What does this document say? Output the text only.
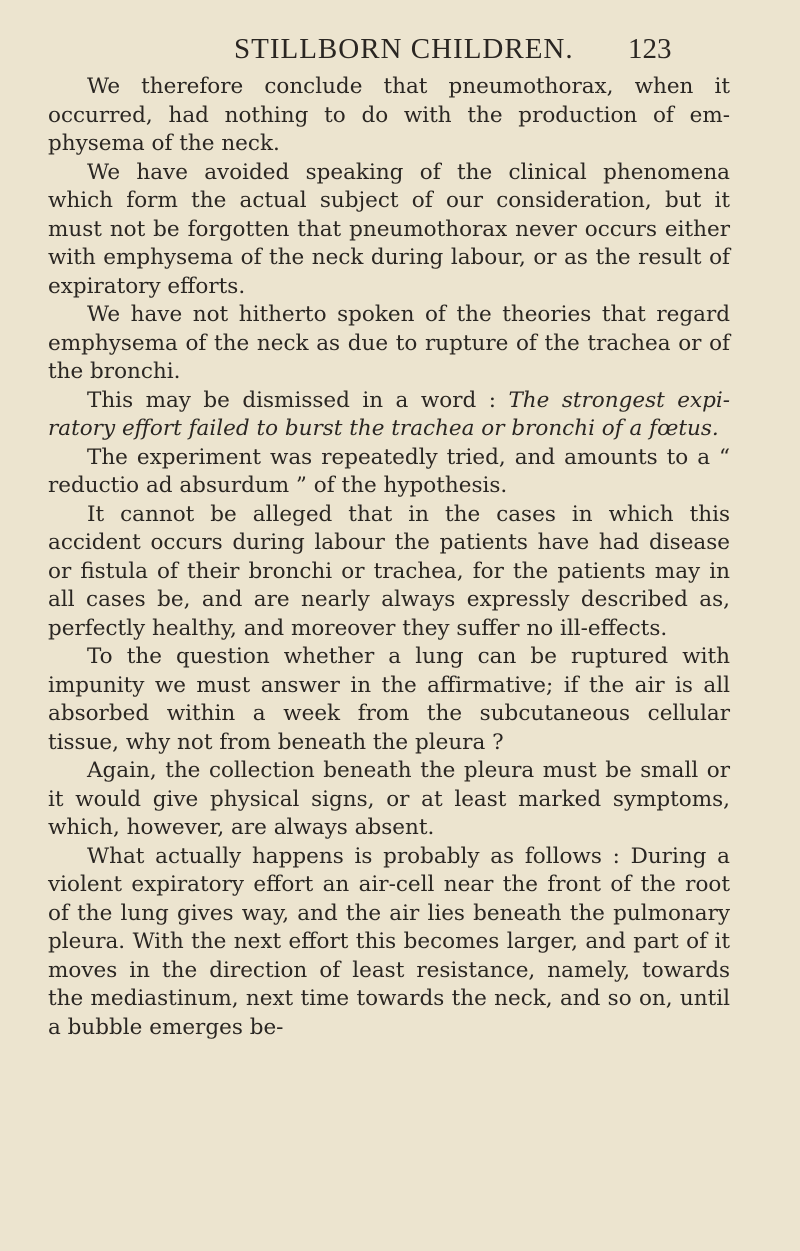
STILLBORN CHILDREN. 123

We therefore conclude that pneumothorax, when it occurred, had nothing to do with the production of emphysema of the neck.

We have avoided speaking of the clinical phenomena which form the actual subject of our consideration, but it must not be forgotten that pneumothorax never occurs either with emphysema of the neck during labour, or as the result of expiratory efforts.

We have not hitherto spoken of the theories that regard emphysema of the neck as due to rupture of the trachea or of the bronchi.

This may be dismissed in a word : The strongest expiratory effort failed to burst the trachea or bronchi of a fœtus.

The experiment was repeatedly tried, and amounts to a “ reductio ad absurdum ” of the hypothesis.

It cannot be alleged that in the cases in which this accident occurs during labour the patients have had disease or fistula of their bronchi or trachea, for the patients may in all cases be, and are nearly always expressly described as, perfectly healthy, and moreover they suffer no ill-effects.

To the question whether a lung can be ruptured with impunity we must answer in the affirmative; if the air is all absorbed within a week from the subcutaneous cellular tissue, why not from beneath the pleura ?

Again, the collection beneath the pleura must be small or it would give physical signs, or at least marked symptoms, which, however, are always absent.

What actually happens is probably as follows : During a violent expiratory effort an air-cell near the front of the root of the lung gives way, and the air lies beneath the pulmonary pleura. With the next effort this becomes larger, and part of it moves in the direction of least resistance, namely, towards the mediastinum, next time towards the neck, and so on, until a bubble emerges be-
